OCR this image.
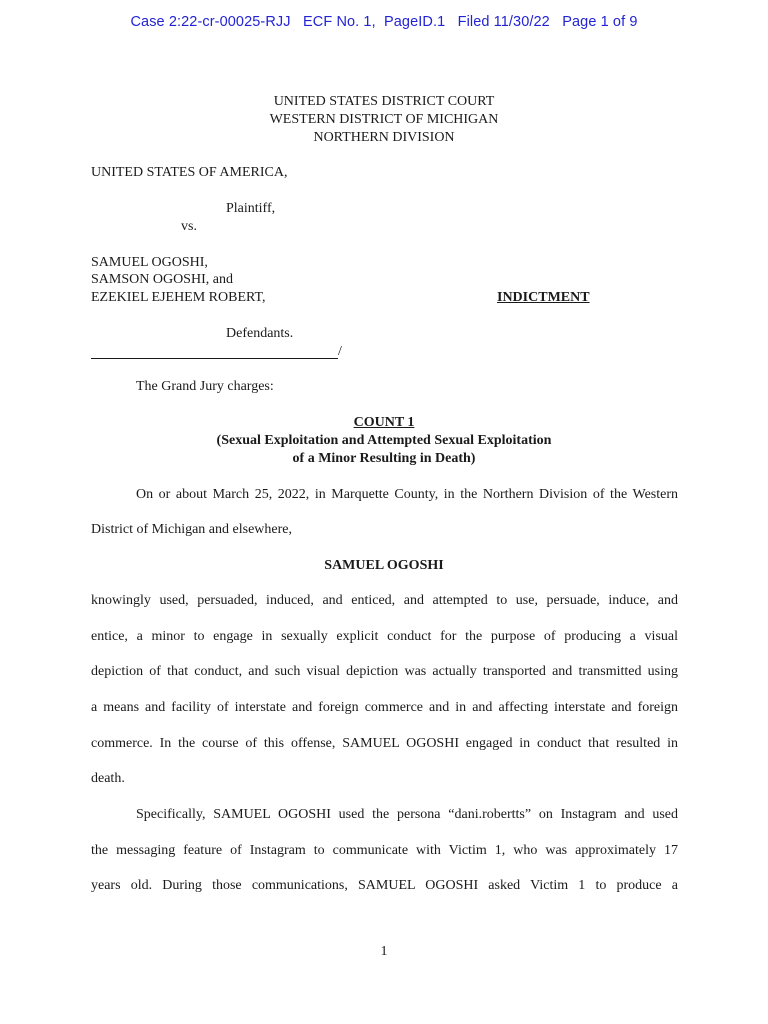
Case 2:22-cr-00025-RJJ   ECF No. 1,  PageID.1   Filed 11/30/22   Page 1 of 9
UNITED STATES DISTRICT COURT
WESTERN DISTRICT OF MICHIGAN
NORTHERN DIVISION
UNITED STATES OF AMERICA,
Plaintiff,
vs.
SAMUEL OGOSHI,
SAMSON OGOSHI, and
EZEKIEL EJEHEM ROBERT,	INDICTMENT
Defendants.
/
The Grand Jury charges:
COUNT 1
(Sexual Exploitation and Attempted Sexual Exploitation
of a Minor Resulting in Death)
On or about March 25, 2022, in Marquette County, in the Northern Division of the Western
District of Michigan and elsewhere,
SAMUEL OGOSHI
knowingly used, persuaded, induced, and enticed, and attempted to use, persuade, induce, and
entice, a minor to engage in sexually explicit conduct for the purpose of producing a visual
depiction of that conduct, and such visual depiction was actually transported and transmitted using
a means and facility of interstate and foreign commerce and in and affecting interstate and foreign
commerce. In the course of this offense, SAMUEL OGOSHI engaged in conduct that resulted in
death.
Specifically, SAMUEL OGOSHI used the persona “dani.robertts” on Instagram and used
the messaging feature of Instagram to communicate with Victim 1, who was approximately 17
years old. During those communications, SAMUEL OGOSHI asked Victim 1 to produce a
1
